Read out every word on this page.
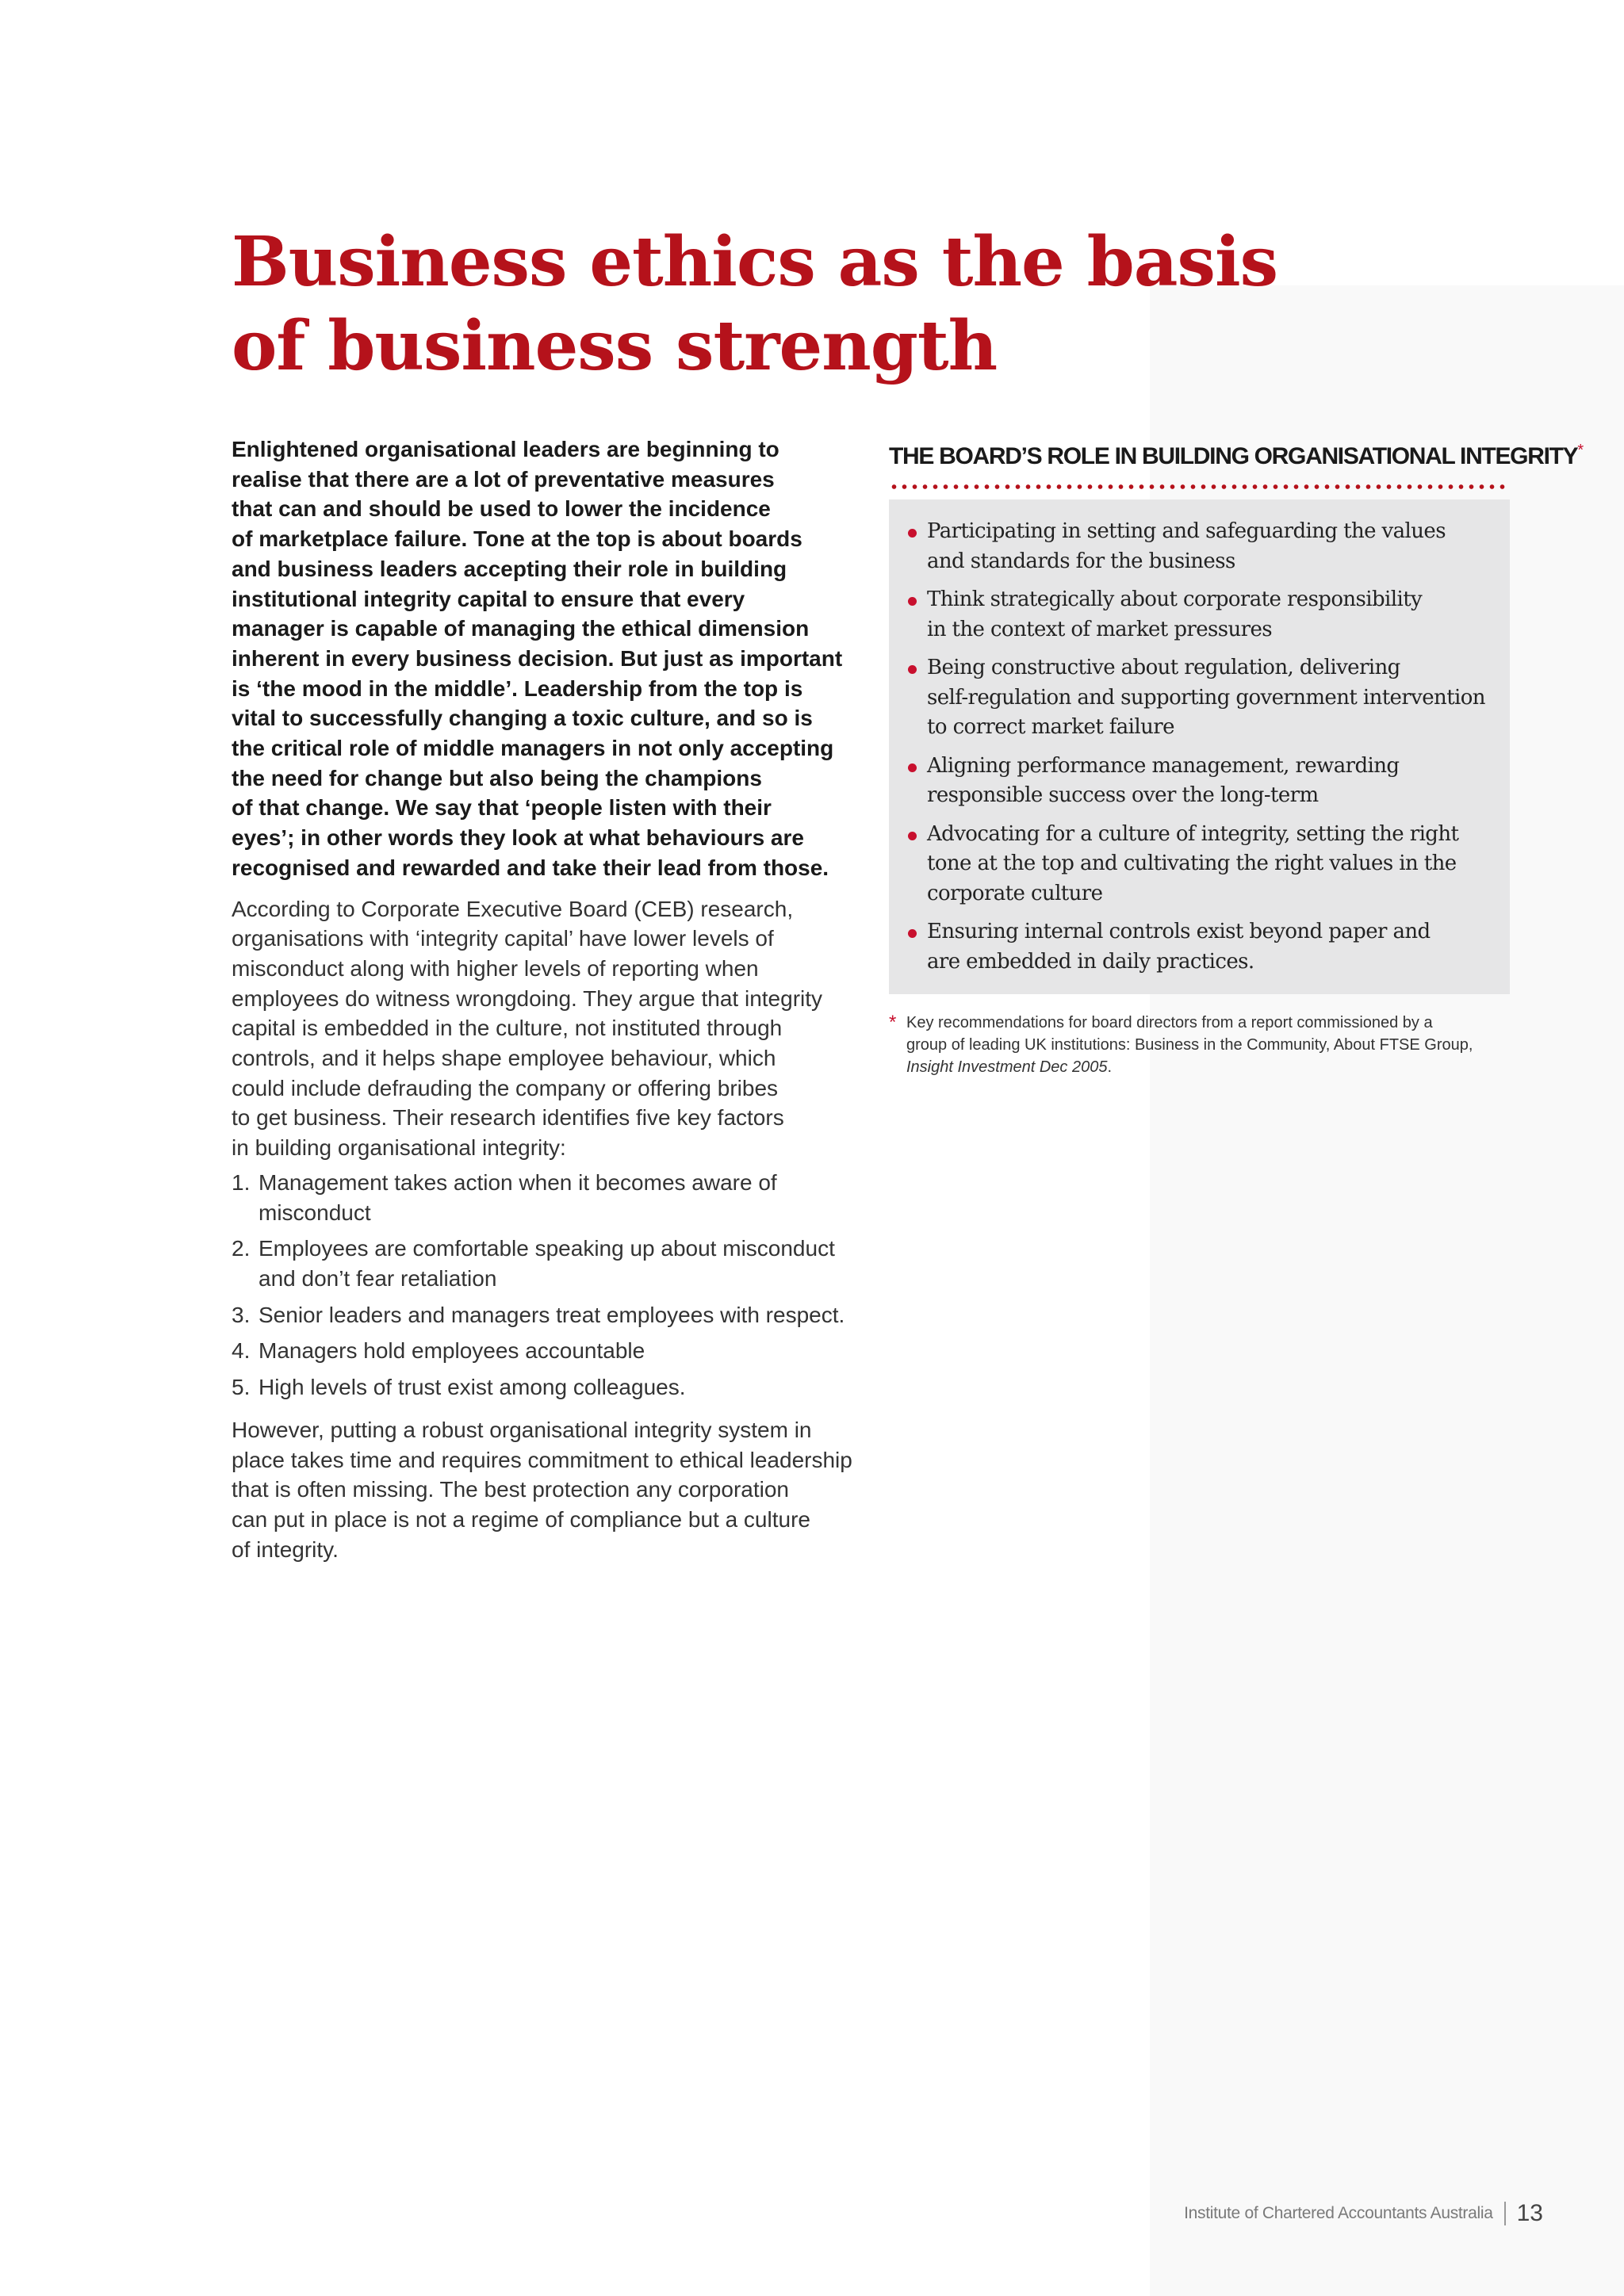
Business ethics as the basis
of business strength

Enlightened organisational leaders are beginning to
realise that there are a lot of preventative measures
that can and should be used to lower the incidence
of marketplace failure. Tone at the top is about boards
and business leaders accepting their role in building
institutional integrity capital to ensure that every
manager is capable of managing the ethical dimension
inherent in every business decision. But just as important
is ‘the mood in the middle’. Leadership from the top is
vital to successfully changing a toxic culture, and so is
the critical role of middle managers in not only accepting
the need for change but also being the champions
of that change. We say that ‘people listen with their
eyes’; in other words they look at what behaviours are
recognised and rewarded and take their lead from those.

According to Corporate Executive Board (CEB) research,
organisations with ‘integrity capital’ have lower levels of
misconduct along with higher levels of reporting when
employees do witness wrongdoing. They argue that integrity
capital is embedded in the culture, not instituted through
controls, and it helps shape employee behaviour, which
could include defrauding the company or offering bribes
to get business. Their research identifies five key factors
in building organisational integrity:

1. Management takes action when it becomes aware of
misconduct
2. Employees are comfortable speaking up about misconduct
and don’t fear retaliation
3. Senior leaders and managers treat employees with respect.
4. Managers hold employees accountable
5. High levels of trust exist among colleagues.

However, putting a robust organisational integrity system in
place takes time and requires commitment to ethical leadership
that is often missing. The best protection any corporation
can put in place is not a regime of compliance but a culture
of integrity.

THE BOARD’S ROLE IN BUILDING ORGANISATIONAL INTEGRITY*
Participating in setting and safeguarding the values
and standards for the business
Think strategically about corporate responsibility
in the context of market pressures
Being constructive about regulation, delivering
self-regulation and supporting government intervention
to correct market failure
Aligning performance management, rewarding
responsible success over the long-term
Advocating for a culture of integrity, setting the right
tone at the top and cultivating the right values in the
corporate culture
Ensuring internal controls exist beyond paper and
are embedded in daily practices.
* Key recommendations for board directors from a report commissioned by a
group of leading UK institutions: Business in the Community, About FTSE Group,
Insight Investment Dec 2005.
Institute of Chartered Accountants Australia 13
